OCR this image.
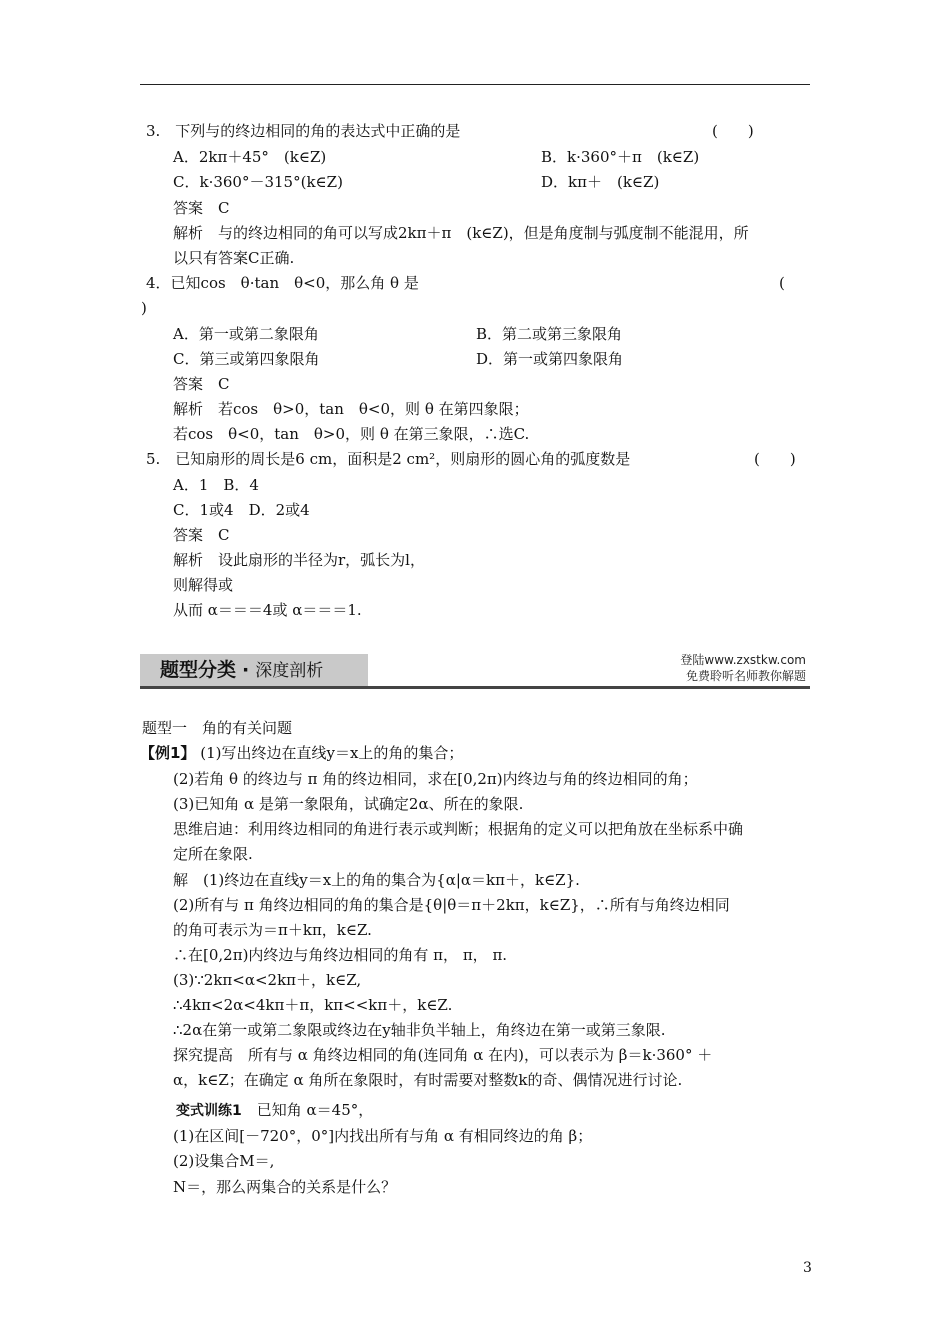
3.　下列与的终边相同的角的表达式中正确的是	(　　)
A．2kπ＋45°　(k∈Z)	B．k·360°＋π　(k∈Z)
C．k·360°－315°(k∈Z)	D．kπ＋　(k∈Z)
答案　C
解析　与的终边相同的角可以写成2kπ＋π　(k∈Z)，但是角度制与弧度制不能混用，所
以只有答案C正确.
4．已知cos　θ·tan　θ<0，那么角 θ 是	(
)
A．第一或第二象限角	B．第二或第三象限角
C．第三或第四象限角	D．第一或第四象限角
答案　C
解析　若cos　θ>0，tan　θ<0，则 θ 在第四象限；
若cos　θ<0，tan　θ>0，则 θ 在第三象限，∴选C.
5.　已知扇形的周长是6 cm，面积是2 cm²，则扇形的圆心角的弧度数是	(　　)
A．1　B．4
C．1或4　D．2或4
答案　C
解析　设此扇形的半径为r，弧长为l，
则解得或
从而 α＝＝＝4或 α＝＝＝1.
题型分类 · 深度剖析
登陆www.zxstkw.com
免费聆听名师教你解题
题型一　角的有关问题
【例1】 (1)写出终边在直线y＝x上的角的集合；
(2)若角 θ 的终边与 π 角的终边相同，求在[0,2π)内终边与角的终边相同的角；
(3)已知角 α 是第一象限角，试确定2α、所在的象限.
思维启迪：利用终边相同的角进行表示或判断；根据角的定义可以把角放在坐标系中确
定所在象限.
解　(1)终边在直线y＝x上的角的集合为{α|α＝kπ＋，k∈Z}.
(2)所有与 π 角终边相同的角的集合是{θ|θ＝π＋2kπ，k∈Z}，∴所有与角终边相同
的角可表示为＝π＋kπ，k∈Z.
∴在[0,2π)内终边与角终边相同的角有 π， π， π.
(3)∵2kπ<α<2kπ＋，k∈Z,
∴4kπ<2α<4kπ＋π，kπ<<kπ＋，k∈Z.
∴2α在第一或第二象限或终边在y轴非负半轴上，角终边在第一或第三象限.
探究提高　所有与 α 角终边相同的角(连同角 α 在内)，可以表示为 β＝k·360° ＋
α，k∈Z；在确定 α 角所在象限时，有时需要对整数k的奇、偶情况进行讨论.
变式训练1　 已知角 α＝45°，
(1)在区间[－720°，0°]内找出所有与角 α 有相同终边的角 β；
(2)设集合M＝,
N＝，那么两集合的关系是什么？
3
